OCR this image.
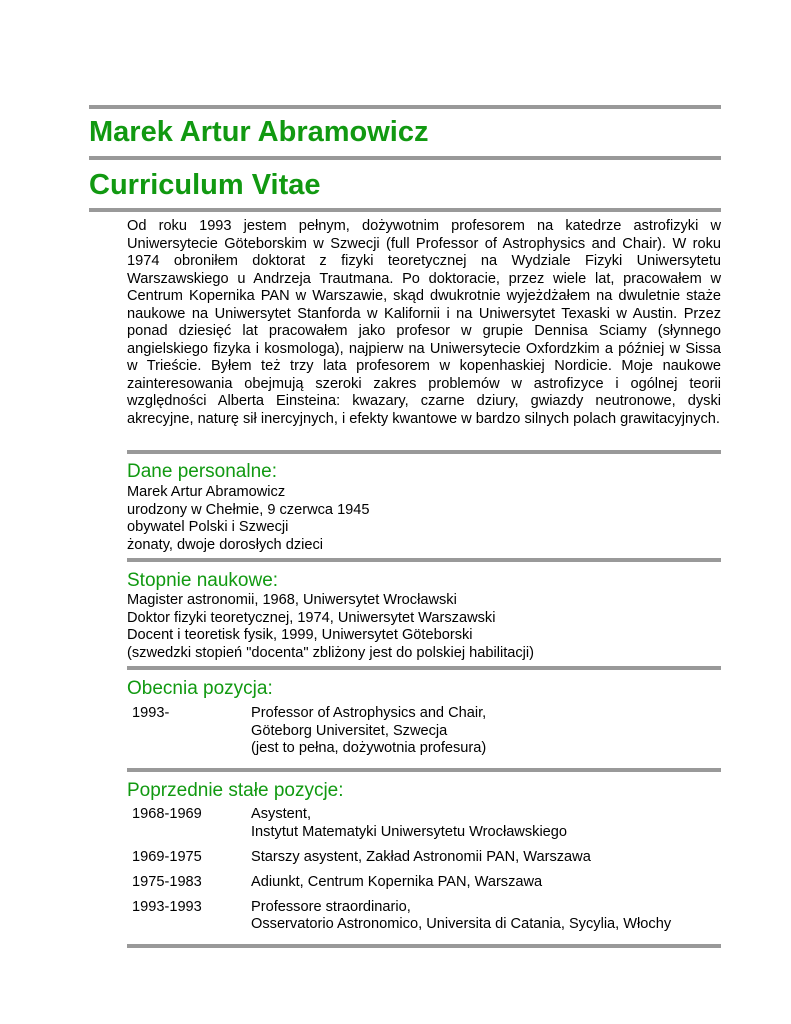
Marek Artur Abramowicz
Curriculum Vitae

Od roku 1993 jestem pełnym, dożywotnim profesorem na katedrze astrofizyki w Uniwersytecie Göteborskim w Szwecji (full Professor of Astrophysics and Chair). W roku 1974 obroniłem doktorat z fizyki teoretycznej na Wydziale Fizyki Uniwersytetu Warszawskiego u Andrzeja Trautmana. Po doktoracie, przez wiele lat, pracowałem w Centrum Kopernika PAN w Warszawie, skąd dwukrotnie wyjeżdżałem na dwuletnie staże naukowe na Uniwersytet Stanforda w Kalifornii i na Uniwersytet Texaski w Austin. Przez ponad dziesięć lat pracowałem jako profesor w grupie Dennisa Sciamy (słynnego angielskiego fizyka i kosmologa), najpierw na Uniwersytecie Oxfordzkim a później w Sissa w Trieście. Byłem też trzy lata profesorem w kopenhaskiej Nordicie. Moje naukowe zainteresowania obejmują szeroki zakres problemów w astrofizyce i ogólnej teorii względności Alberta Einsteina: kwazary, czarne dziury, gwiazdy neutronowe, dyski akrecyjne, naturę sił inercyjnych, i efekty kwantowe w bardzo silnych polach grawitacyjnych.

Dane personalne:
Marek Artur Abramowicz
urodzony w Chełmie, 9 czerwca 1945
obywatel Polski i Szwecji
żonaty, dwoje dorosłych dzieci
Stopnie naukowe:
Magister astronomii, 1968, Uniwersytet Wrocławski
Doktor fizyki teoretycznej, 1974, Uniwersytet Warszawski
Docent i teoretisk fysik, 1999, Uniwersytet Göteborski
(szwedzki stopień "docenta" zbliżony jest do polskiej habilitacji)
Obecnia pozycja:
1993-	Professor of Astrophysics and Chair,
Göteborg Universitet, Szwecja
(jest to pełna, dożywotnia profesura)
Poprzednie stałe pozycje:
1968-1969	Asystent,
Instytut Matematyki Uniwersytetu Wrocławskiego
1969-1975	Starszy asystent, Zakład Astronomii PAN, Warszawa
1975-1983	Adiunkt, Centrum Kopernika PAN, Warszawa
1993-1993	Professore straordinario,
Osservatorio Astronomico, Universita di Catania, Sycylia, Włochy
